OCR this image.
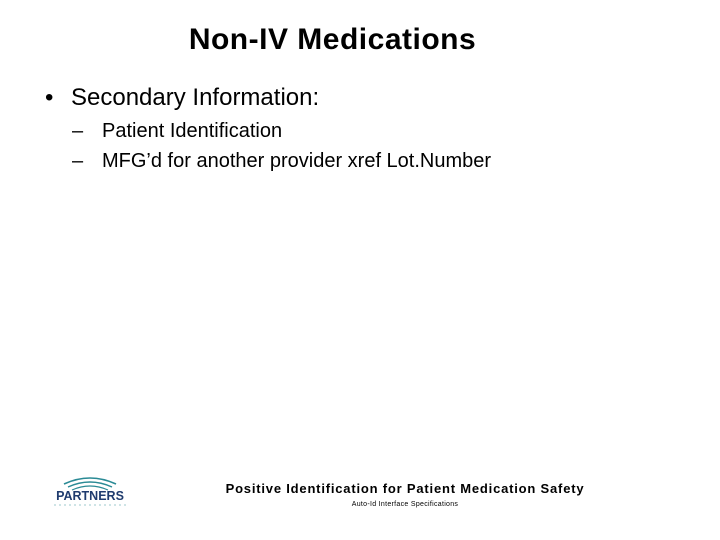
Non-IV Medications
• Secondary Information:
– Patient Identification
– MFG’d for another provider xref Lot.Number
PARTNERS	Positive Identification for Patient Medication Safety
Auto-Id Interface Specifications
